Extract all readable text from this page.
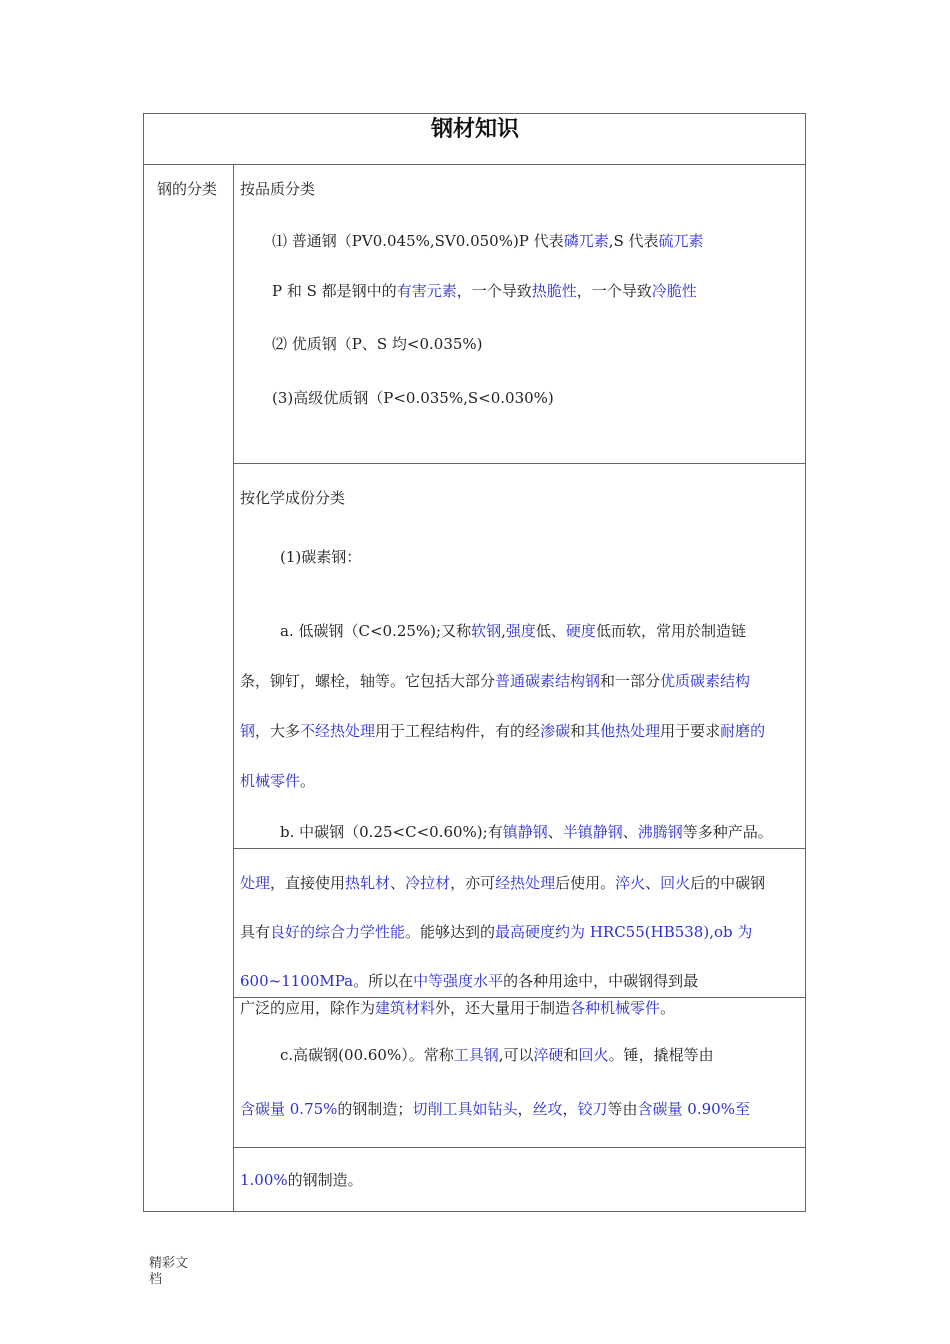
钢材知识
钢的分类 按品质分类
⑴ 普通钢（PV0.045%,SV0.050%)P 代表磷兀素,S 代表硫兀素
P 和 S 都是钢中的有害元素，一个导致热脆性，一个导致冷脆性
⑵ 优质钢（P、S 均<0.035%)
(3)高级优质钢（P<0.035%,S<0.030%)
按化学成份分类
(1)碳素钢：
a. 低碳钢（C<0.25%);又称软钢,强度低、硬度低而软，常用於制造链
条，铆钉，螺栓，轴等。它包括大部分普通碳素结构钢和一部分优质碳素结构
钢，大多不经热处理用于工程结构件，有的经渗碳和其他热处理用于要求耐磨的
机械零件。
b. 中碳钢（0.25<C<0.60%);有镇静钢、半镇静钢、沸腾钢等多种产品。
处理，直接使用热轧材、冷拉材，亦可经热处理后使用。淬火、回火后的中碳钢
具有良好的综合力学性能。能够达到的最高硬度约为 HRC55(HB538),ob 为
600~1100MPa。所以在中等强度水平的各种用途中，中碳钢得到最
广泛的应用，除作为建筑材料外，还大量用于制造各种机械零件。
c.高碳钢(00.60%）。常称工具钢,可以淬硬和回火。锤，撬棍等由
含碳量 0.75%的钢制造；切削工具如钻头，丝攻，铰刀等由含碳量 0.90%至
1.00%的钢制造。
精彩文
档
